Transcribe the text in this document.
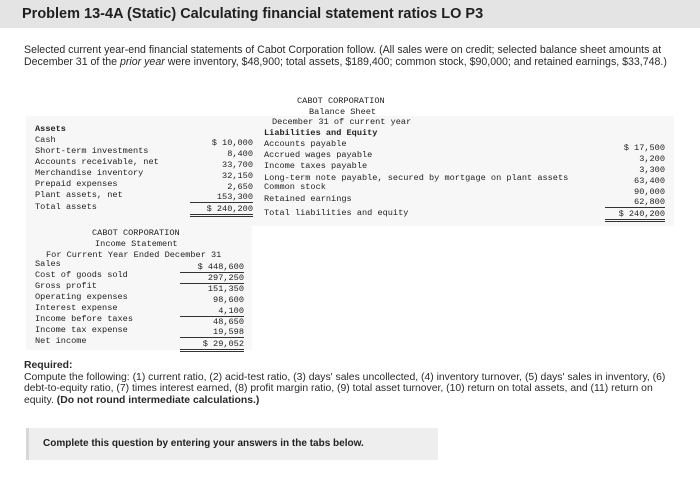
Problem 13-4A (Static) Calculating financial statement ratios LO P3
Selected current year-end financial statements of Cabot Corporation follow. (All sales were on credit; selected balance sheet amounts at December 31 of the prior year were inventory, $48,900; total assets, $189,400; common stock, $90,000; and retained earnings, $33,748.)
CABOT CORPORATION
Balance Sheet
December 31 of current year
Assets	Liabilities and Equity
Cash
Short-term investments
Accounts receivable, net
Merchandise inventory
Prepaid expenses
Plant assets, net
Total assets
$ 10,000
8,400
33,700
32,150
2,650
153,300
$ 240,200
Accounts payable
Accrued wages payable
Income taxes payable
Long-term note payable, secured by mortgage on plant assets
Common stock
Retained earnings
Total liabilities and equity
$ 17,500
3,200
3,300
63,400
90,000
62,800
$ 240,200
CABOT CORPORATION
Income Statement
For Current Year Ended December 31
Sales
Cost of goods sold
Gross profit
Operating expenses
Interest expense
Income before taxes
Income tax expense
Net income
$ 448,600
297,250
151,350
98,600
4,100
48,650
19,598
$ 29,052
Required:
Compute the following: (1) current ratio, (2) acid-test ratio, (3) days' sales uncollected, (4) inventory turnover, (5) days' sales in inventory, (6) debt-to-equity ratio, (7) times interest earned, (8) profit margin ratio, (9) total asset turnover, (10) return on total assets, and (11) return on equity. (Do not round intermediate calculations.)
Complete this question by entering your answers in the tabs below.
